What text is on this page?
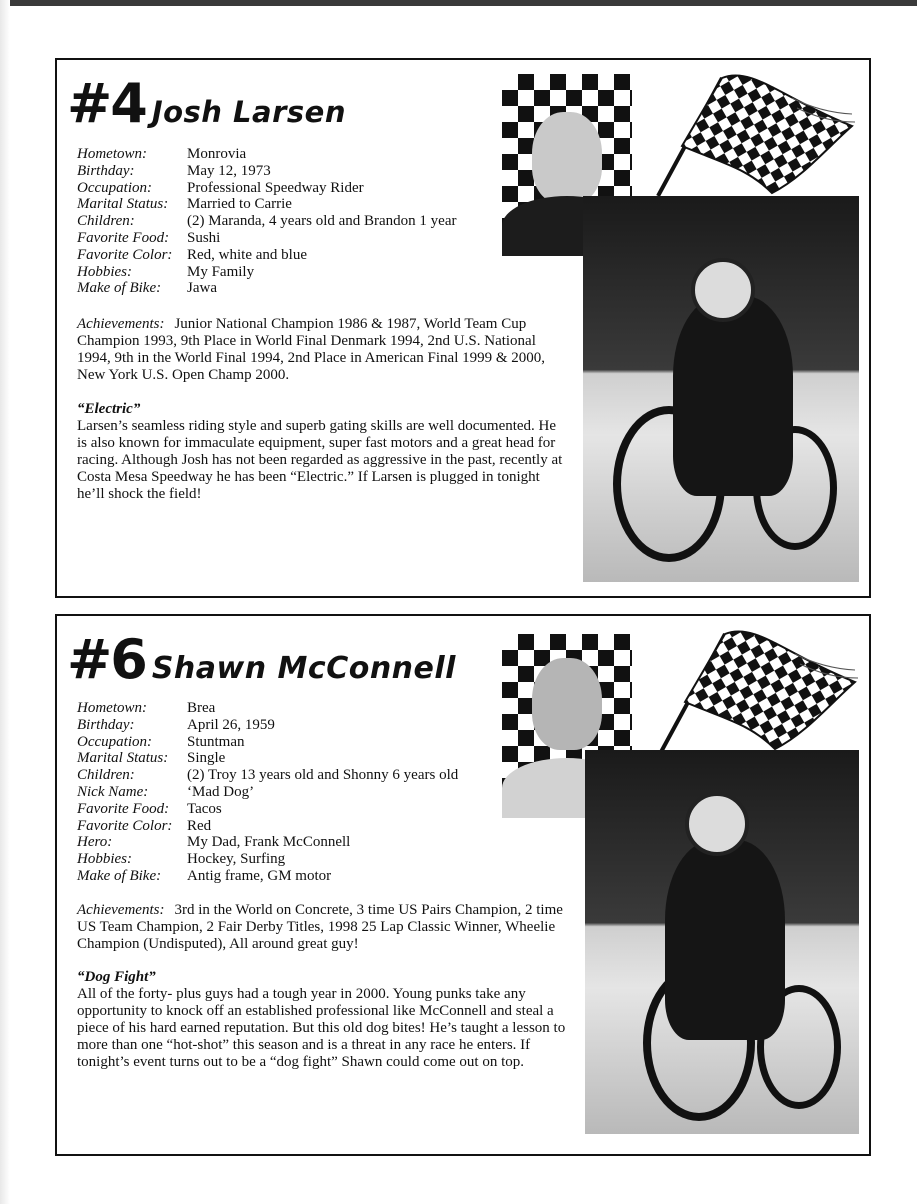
#4 Josh Larsen
Hometown:	Monrovia
Birthday:	May 12, 1973
Occupation:	Professional Speedway Rider
Marital Status:	Married to Carrie
Children:	(2) Maranda, 4 years old and Brandon 1 year
Favorite Food:	Sushi
Favorite Color:	Red, white and blue
Hobbies:	My Family
Make of Bike:	Jawa
Achievements: Junior National Champion 1986 & 1987, World Team Cup Champion 1993, 9th Place in World Final Denmark 1994, 2nd U.S. National 1994, 9th in the World Final 1994, 2nd Place in American Final 1999 & 2000, New York U.S. Open Champ 2000.
“Electric”
Larsen’s seamless riding style and superb gating skills are well documented. He is also known for immaculate equipment, super fast motors and a great head for racing. Although Josh has not been regarded as aggressive in the past, recently at Costa Mesa Speedway he has been “Electric.” If Larsen is plugged in tonight he’ll shock the field!
#6 Shawn McConnell
Hometown:	Brea
Birthday:	April 26, 1959
Occupation:	Stuntman
Marital Status:	Single
Children:	(2) Troy 13 years old and Shonny 6 years old
Nick Name:	‘Mad Dog’
Favorite Food:	Tacos
Favorite Color:	Red
Hero:	My Dad, Frank McConnell
Hobbies:	Hockey, Surfing
Make of Bike:	Antig frame, GM motor
Achievements: 3rd in the World on Concrete, 3 time US Pairs Champion, 2 time US Team Champion, 2 Fair Derby Titles, 1998 25 Lap Classic Winner, Wheelie Champion (Undisputed), All around great guy!
“Dog Fight”
All of the forty- plus guys had a tough year in 2000. Young punks take any opportunity to knock off an established professional like McConnell and steal a piece of his hard earned reputation. But this old dog bites! He’s taught a lesson to more than one “hot-shot” this season and is a threat in any race he enters. If tonight’s event turns out to be a “dog fight” Shawn could come out on top.
